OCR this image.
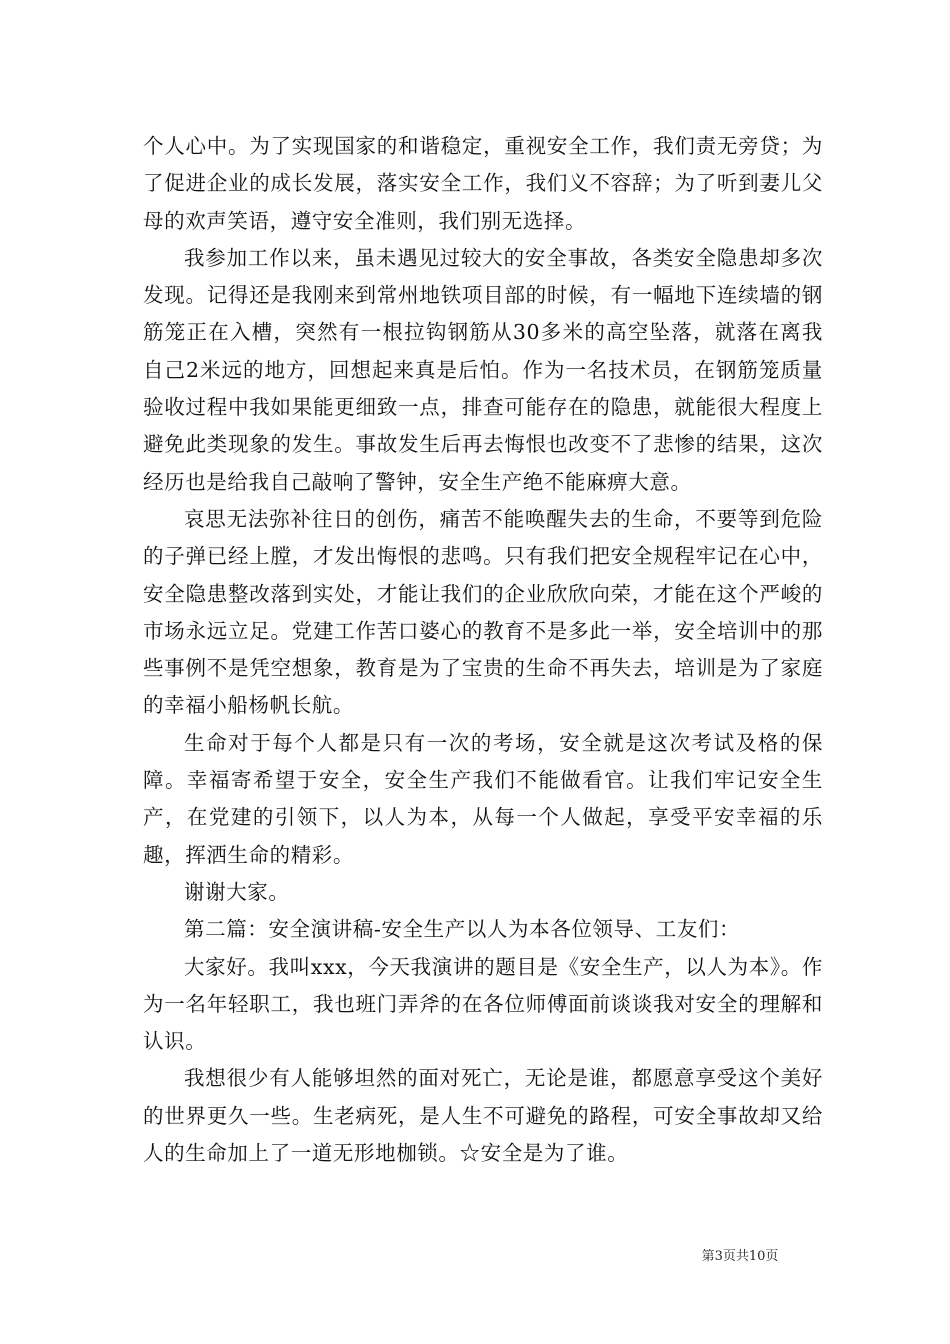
个人心中。为了实现国家的和谐稳定，重视安全工作，我们责无旁贷；为了促进企业的成长发展，落实安全工作，我们义不容辞；为了听到妻儿父母的欢声笑语，遵守安全准则，我们别无选择。

我参加工作以来，虽未遇见过较大的安全事故，各类安全隐患却多次发现。记得还是我刚来到常州地铁项目部的时候，有一幅地下连续墙的钢筋笼正在入槽，突然有一根拉钩钢筋从30多米的高空坠落，就落在离我自己2米远的地方，回想起来真是后怕。作为一名技术员，在钢筋笼质量验收过程中我如果能更细致一点，排查可能存在的隐患，就能很大程度上避免此类现象的发生。事故发生后再去悔恨也改变不了悲惨的结果，这次经历也是给我自己敲响了警钟，安全生产绝不能麻痹大意。

哀思无法弥补往日的创伤，痛苦不能唤醒失去的生命，不要等到危险的子弹已经上膛，才发出悔恨的悲鸣。只有我们把安全规程牢记在心中，安全隐患整改落到实处，才能让我们的企业欣欣向荣，才能在这个严峻的市场永远立足。党建工作苦口婆心的教育不是多此一举，安全培训中的那些事例不是凭空想象，教育是为了宝贵的生命不再失去，培训是为了家庭的幸福小船杨帆长航。

生命对于每个人都是只有一次的考场，安全就是这次考试及格的保障。幸福寄希望于安全，安全生产我们不能做看官。让我们牢记安全生产，在党建的引领下，以人为本，从每一个人做起，享受平安幸福的乐趣，挥洒生命的精彩。

谢谢大家。

第二篇：安全演讲稿-安全生产以人为本各位领导、工友们：

大家好。我叫xxx，今天我演讲的题目是《安全生产，以人为本》。作为一名年轻职工，我也班门弄斧的在各位师傅面前谈谈我对安全的理解和认识。

我想很少有人能够坦然的面对死亡，无论是谁，都愿意享受这个美好的世界更久一些。生老病死，是人生不可避免的路程，可安全事故却又给人的生命加上了一道无形地枷锁。☆安全是为了谁。

第3页共10页
